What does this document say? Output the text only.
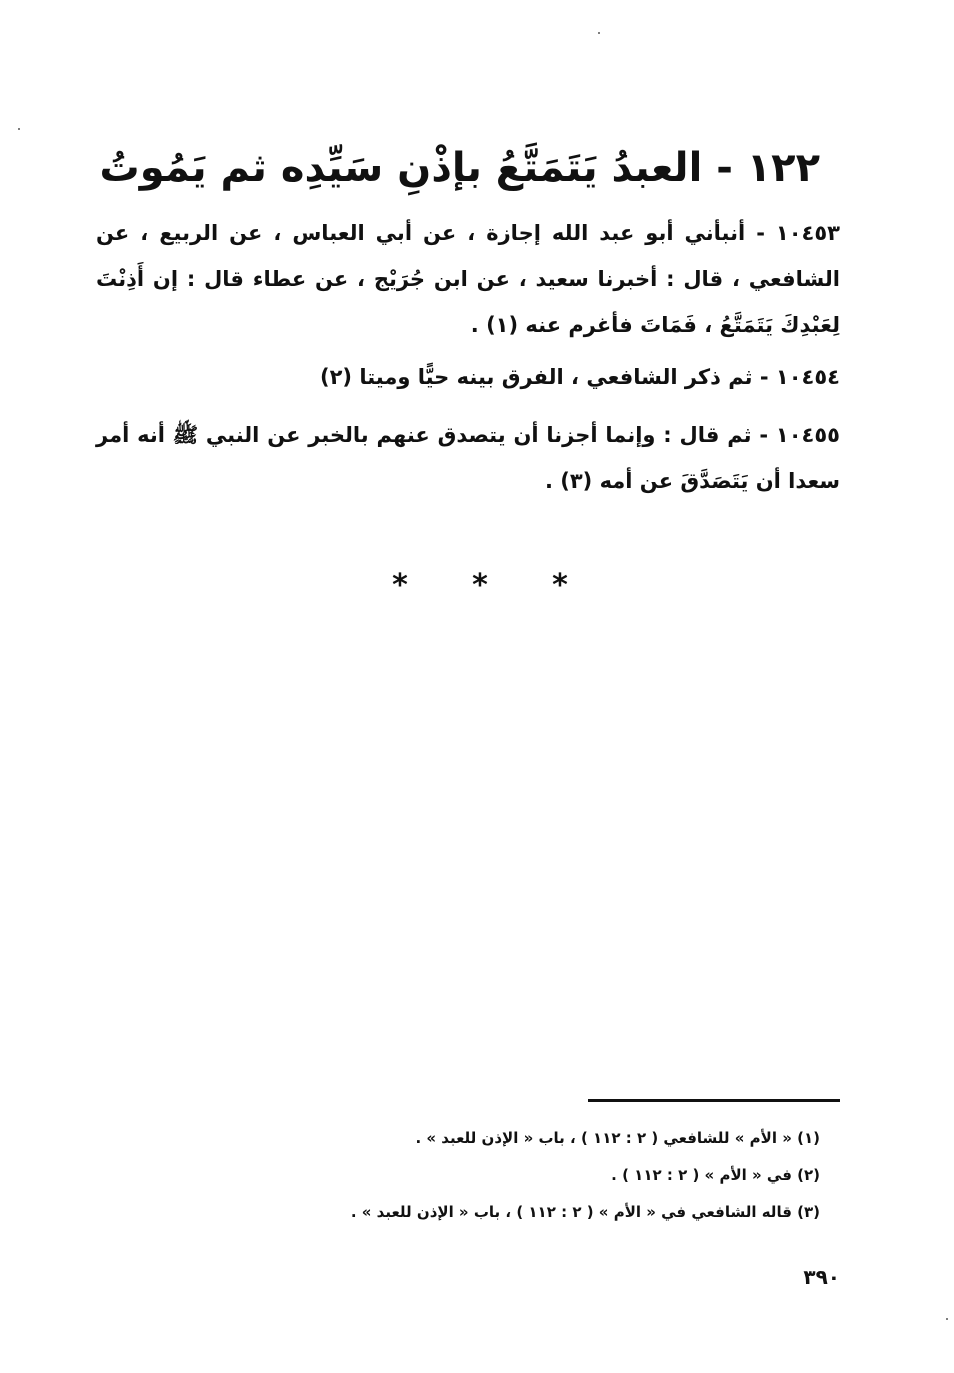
١٢٢ - العبدُ يَتَمَتَّعُ بإذْنِ سَيِّدِه ثم يَمُوتُ
١٠٤٥٣ - أنبأني أبو عبد الله إجازة ، عن أبي العباس ، عن الربيع ، عن الشافعي ، قال : أخبرنا سعيد ، عن ابن جُرَيْج ، عن عطاء قال : إن أَذِنْتَ لِعَبْدِكَ يَتَمَتَّعُ ، فَمَاتَ فأغرم عنه (١) .
١٠٤٥٤ - ثم ذكر الشافعي ، الفرق بينه حيًّا وميتا (٢)
١٠٤٥٥ - ثم قال : وإنما أجزنا أن يتصدق عنهم بالخبر عن النبي ﷺ أنه أمر سعدا أن يَتَصَدَّقَ عن أمه (٣) .
*	*	*
(١) « الأم » للشافعي ( ٢ : ١١٢ ) ، باب « الإذن للعبد » .
(٢) في « الأم » ( ٢ : ١١٢ ) .
(٣) قاله الشافعي في « الأم » ( ٢ : ١١٢ ) ، باب « الإذن للعبد » .
٣٩٠
